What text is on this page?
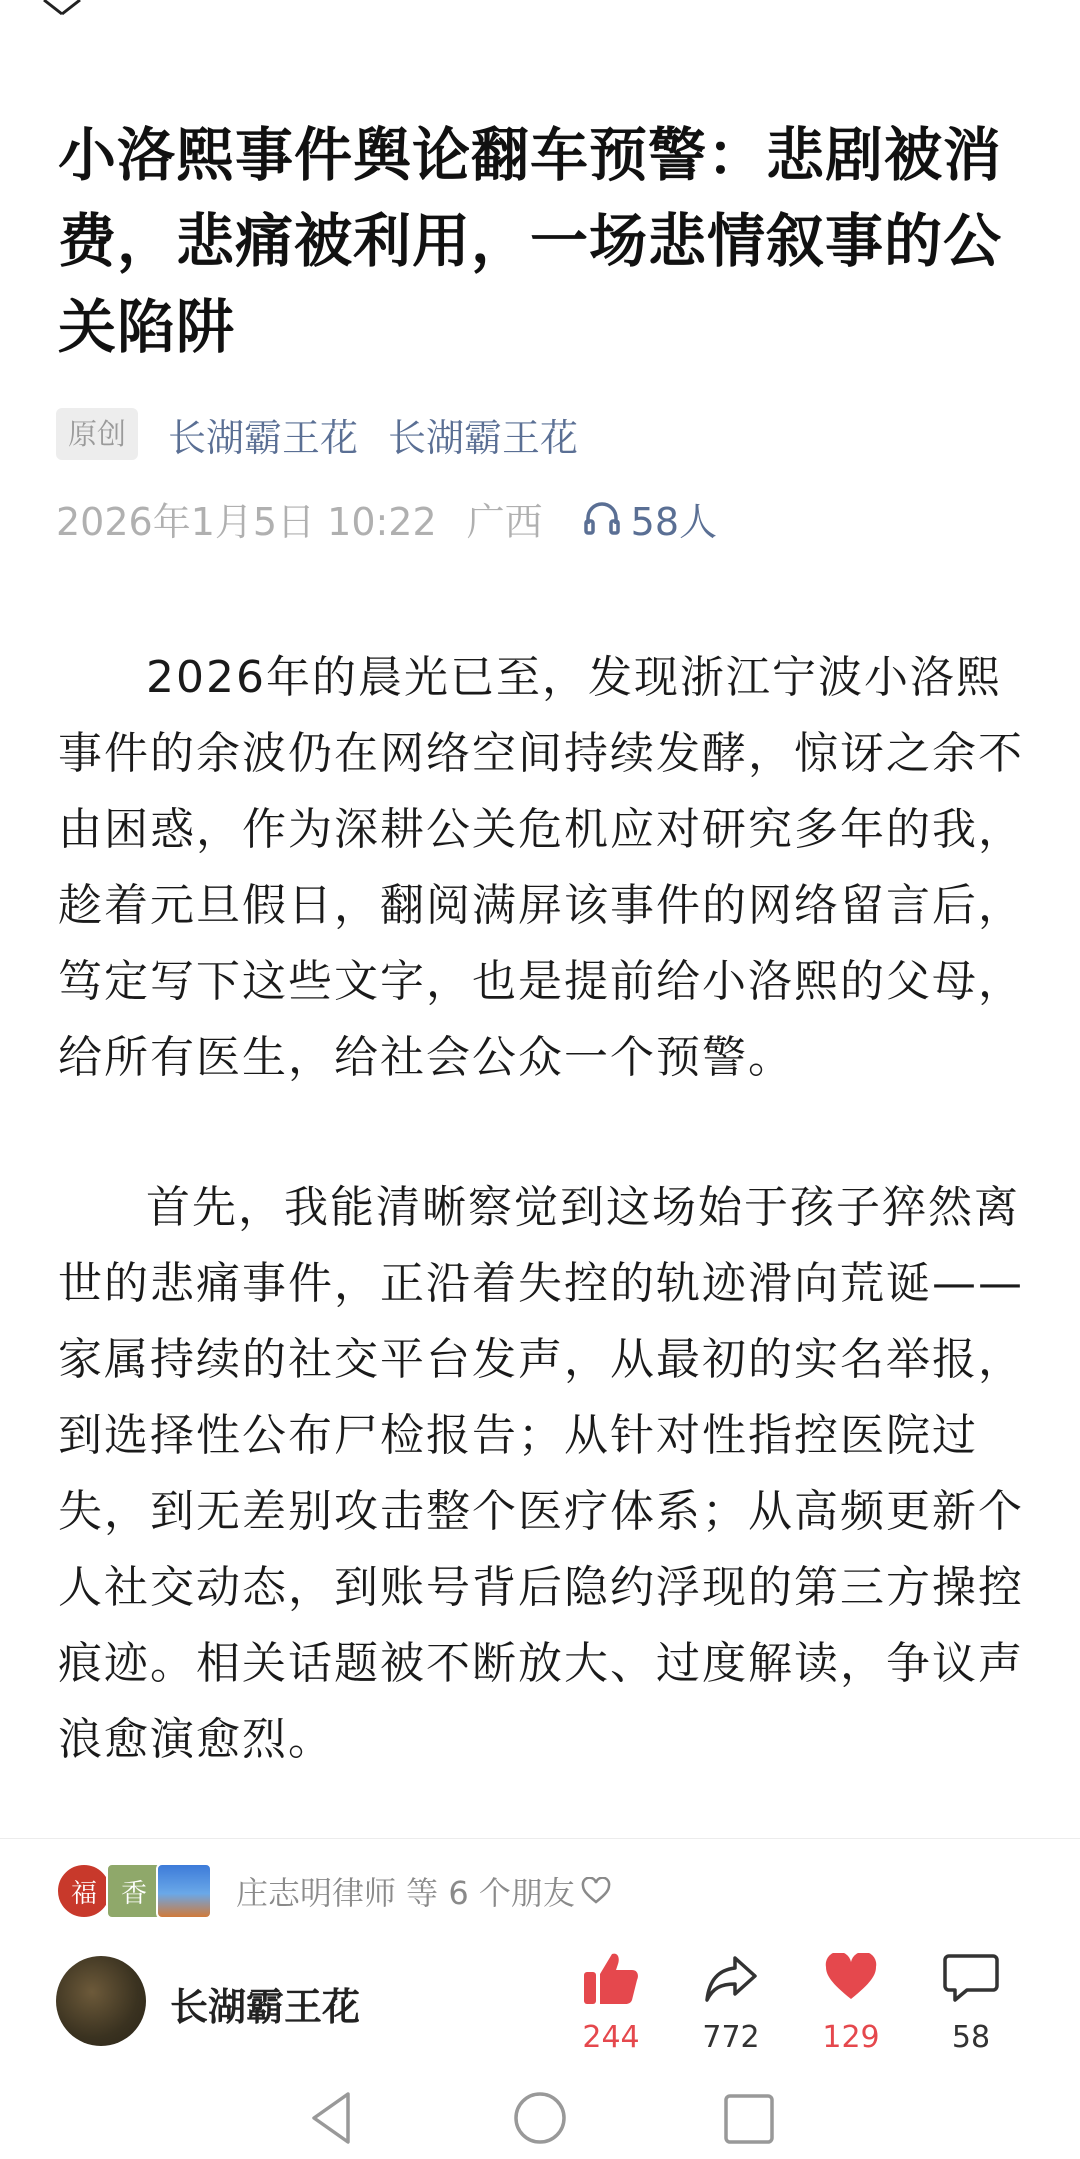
小洛熙事件舆论翻车预警：悲剧被消费，悲痛被利用，一场悲情叙事的公关陷阱
原创	长湖霸王花 长湖霸王花
2026年1月5日 10:22 广西 58人

2026年的晨光已至，发现浙江宁波小洛熙事件的余波仍在网络空间持续发酵，惊讶之余不由困惑，作为深耕公关危机应对研究多年的我，趁着元旦假日，翻阅满屏该事件的网络留言后，笃定写下这些文字，也是提前给小洛熙的父母，给所有医生，给社会公众一个预警。

首先，我能清晰察觉到这场始于孩子猝然离世的悲痛事件，正沿着失控的轨迹滑向荒诞——家属持续的社交平台发声，从最初的实名举报，到选择性公布尸检报告；从针对性指控医院过失，到无差别攻击整个医疗体系；从高频更新个人社交动态，到账号背后隐约浮现的第三方操控痕迹。相关话题被不断放大、过度解读，争议声浪愈演愈烈。

福 香	庄志明律师 等 6 个朋友
长湖霸王花
244	772	129	58
